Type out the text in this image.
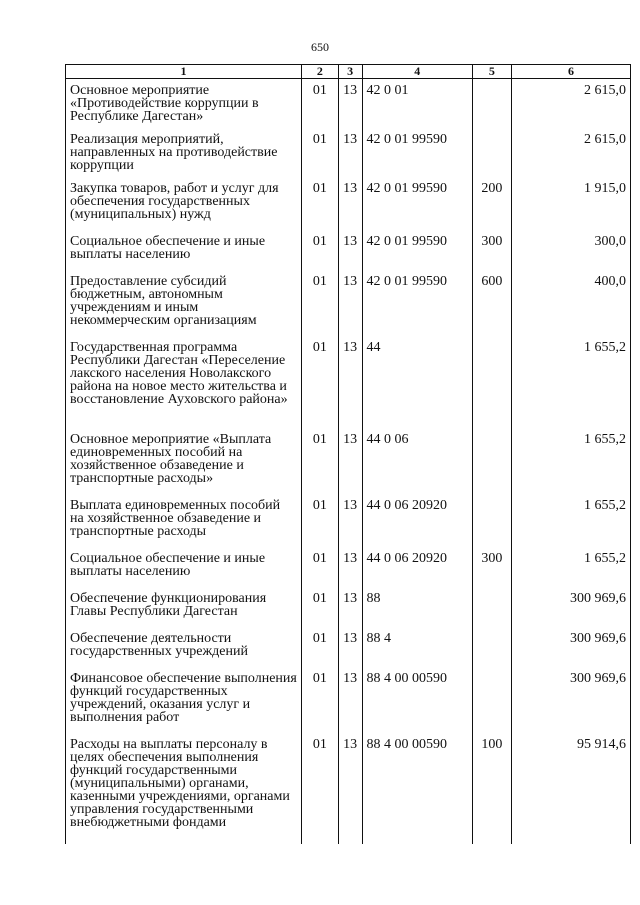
650
1	2	3	4	5	6
Основное мероприятие «Противодействие коррупции в Республике Дагестан»	01	13	42 0 01		2 615,0
Реализация мероприятий, направленных на противодействие коррупции	01	13	42 0 01 99590		2 615,0
Закупка товаров, работ и услуг для обеспечения государственных (муниципальных) нужд	01	13	42 0 01 99590	200	1 915,0
Социальное обеспечение и иные выплаты населению	01	13	42 0 01 99590	300	300,0
Предоставление субсидий бюджетным, автономным учреждениям и иным некоммерческим организациям	01	13	42 0 01 99590	600	400,0
Государственная программа Республики Дагестан «Переселение лакского населения Новолакского района на новое место жительства и восстановление Ауховского района»	01	13	44		1 655,2
Основное мероприятие «Выплата единовременных пособий на хозяйственное обзаведение и транспортные расходы»	01	13	44 0 06		1 655,2
Выплата единовременных пособий на хозяйственное обзаведение и транспортные расходы	01	13	44 0 06 20920		1 655,2
Социальное обеспечение и иные выплаты населению	01	13	44 0 06 20920	300	1 655,2
Обеспечение функционирования Главы Республики Дагестан	01	13	88		300 969,6
Обеспечение деятельности государственных учреждений	01	13	88 4		300 969,6
Финансовое обеспечение выполнения функций государственных учреждений, оказания услуг и выполнения работ	01	13	88 4 00 00590		300 969,6
Расходы на выплаты персоналу в целях обеспечения выполнения функций государственными (муниципальными) органами, казенными учреждениями, органами управления государственными внебюджетными фондами	01	13	88 4 00 00590	100	95 914,6
